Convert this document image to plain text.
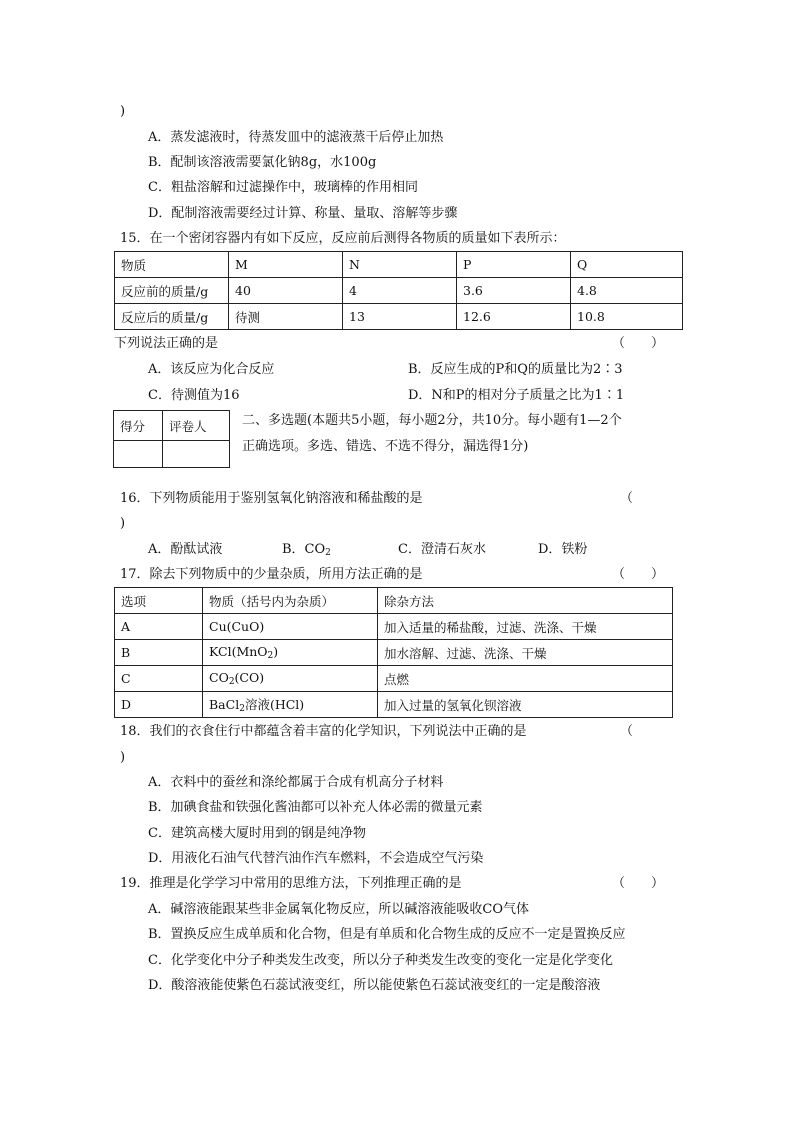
)
A．蒸发滤液时，待蒸发皿中的滤液蒸干后停止加热
B．配制该溶液需要氯化钠8g，水100g
C．粗盐溶解和过滤操作中，玻璃棒的作用相同
D．配制溶液需要经过计算、称量、量取、溶解等步骤
15．在一个密闭容器内有如下反应，反应前后测得各物质的质量如下表所示：
物质	M	N	P	Q
反应前的质量/g	40	4	3.6	4.8
反应后的质量/g	待测	13	12.6	10.8
下列说法正确的是	（　　）
A．该反应为化合反应	B．反应生成的P和Q的质量比为2∶3
C．待测值为16	D．N和P的相对分子质量之比为1∶1
得分	评卷人
		二、多选题(本题共5小题，每小题2分，共10分。每小题有1—2个
正确选项。多选、错选、不选不得分，漏选得1分)
16．下列物质能用于鉴别氢氧化钠溶液和稀盐酸的是	（
)
A．酚酞试液	B．$CO_2$	C．澄清石灰水	D．铁粉
17．除去下列物质中的少量杂质，所用方法正确的是	（　　）
选项	物质（括号内为杂质）	除杂方法
A	Cu(CuO)	加入适量的稀盐酸，过滤、洗涤、干燥
B	KCl(MnO$_2$)	加水溶解、过滤、洗涤、干燥
C	$CO_2(CO)$	点燃
D	BaCl$_2$溶液(HCl)	加入过量的氢氧化钡溶液
18．我们的衣食住行中都蕴含着丰富的化学知识，下列说法中正确的是	（
)
A．衣料中的蚕丝和涤纶都属于合成有机高分子材料
B．加碘食盐和铁强化酱油都可以补充人体必需的微量元素
C．建筑高楼大厦时用到的钢是纯净物
D．用液化石油气代替汽油作汽车燃料，不会造成空气污染
19．推理是化学学习中常用的思维方法，下列推理正确的是	（　　）
A．碱溶液能跟某些非金属氧化物反应，所以碱溶液能吸收CO气体
B．置换反应生成单质和化合物，但是有单质和化合物生成的反应不一定是置换反应
C．化学变化中分子种类发生改变，所以分子种类发生改变的变化一定是化学变化
D．酸溶液能使紫色石蕊试液变红，所以能使紫色石蕊试液变红的一定是酸溶液
